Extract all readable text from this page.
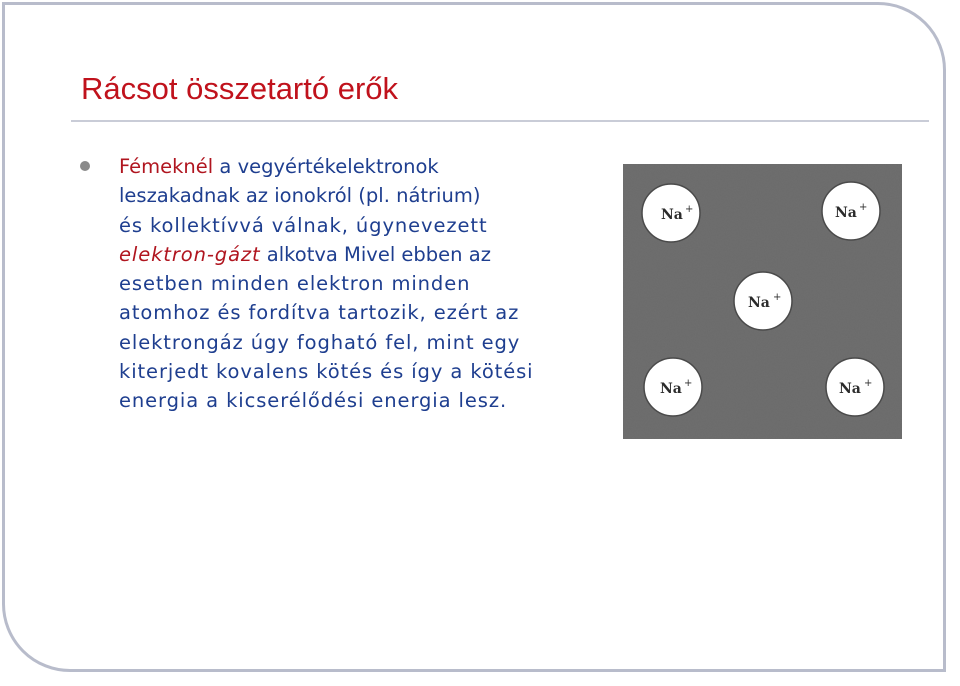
Rácsot összetartó erők

Fémeknél a vegyértékelektronok
leszakadnak az ionokról (pl. nátrium)
és kollektívvá válnak, úgynevezett
elektron-gázt alkotva Mivel ebben az
esetben minden elektron minden
atomhoz és fordítva tartozik, ezért az
elektrongáz úgy fogható fel, mint egy
kiterjedt kovalens kötés és így a kötési
energia a kicserélődési energia lesz.

Na +	Na +
Na +
Na +	Na +
